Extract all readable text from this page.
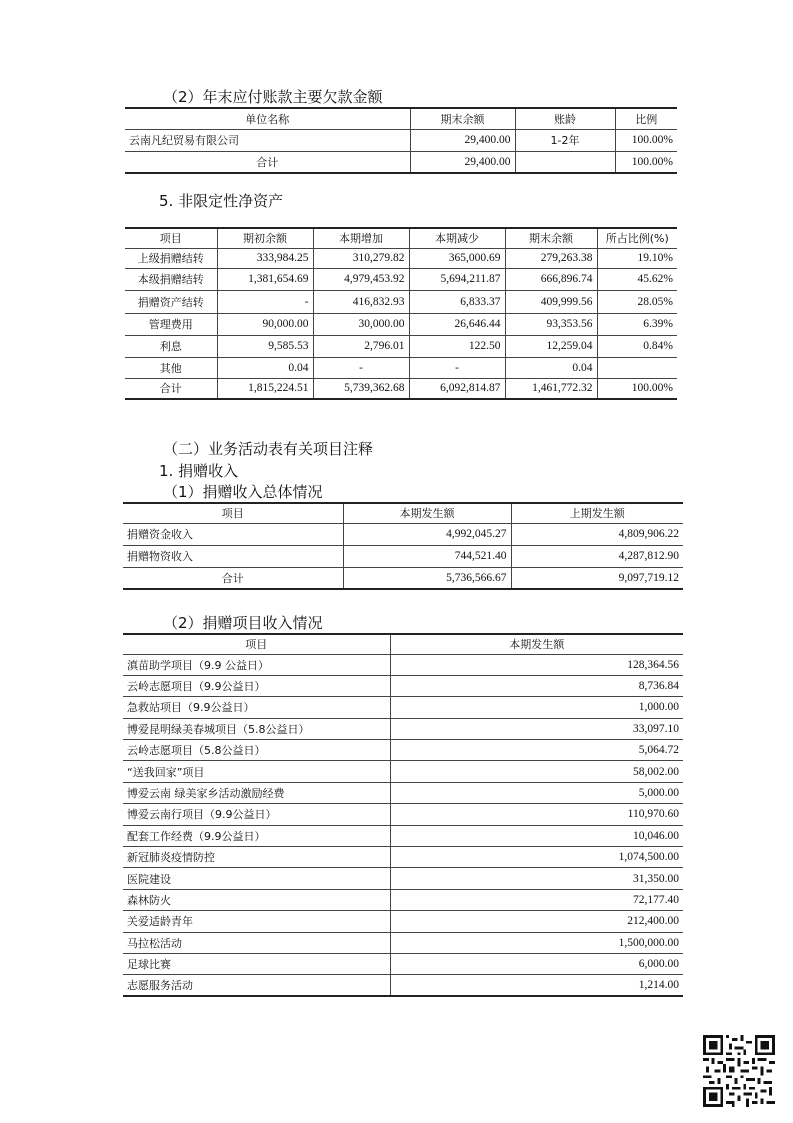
（2）年末应付账款主要欠款金额
单位名称	期末余额	账龄	比例
云南凡纪贸易有限公司	29,400.00	1-2年	100.00%
合计	29,400.00		100.00%
5. 非限定性净资产
项目	期初余额	本期增加	本期减少	期末余额	所占比例(%)
上级捐赠结转	333,984.25	310,279.82	365,000.69	279,263.38	19.10%
本级捐赠结转	1,381,654.69	4,979,453.92	5,694,211.87	666,896.74	45.62%
捐赠资产结转	-	416,832.93	6,833.37	409,999.56	28.05%
管理费用	90,000.00	30,000.00	26,646.44	93,353.56	6.39%
利息	9,585.53	2,796.01	122.50	12,259.04	0.84%
其他	0.04	-	-	0.04	
合计	1,815,224.51	5,739,362.68	6,092,814.87	1,461,772.32	100.00%
（二）业务活动表有关项目注释
1. 捐赠收入
（1）捐赠收入总体情况
项目	本期发生额	上期发生额
捐赠资金收入	4,992,045.27	4,809,906.22
捐赠物资收入	744,521.40	4,287,812.90
合计	5,736,566.67	9,097,719.12
（2）捐赠项目收入情况
项目	本期发生额
滇苗助学项目（9.9 公益日）	128,364.56
云岭志愿项目（9.9公益日）	8,736.84
急救站项目（9.9公益日）	1,000.00
博爱昆明绿美春城项目（5.8公益日）	33,097.10
云岭志愿项目（5.8公益日）	5,064.72
“送我回家”项目	58,002.00
博爱云南 绿美家乡活动激励经费	5,000.00
博爱云南行项目（9.9公益日）	110,970.60
配套工作经费（9.9公益日）	10,046.00
新冠肺炎疫情防控	1,074,500.00
医院建设	31,350.00
森林防火	72,177.40
关爱适龄青年	212,400.00
马拉松活动	1,500,000.00
足球比赛	6,000.00
志愿服务活动	1,214.00
